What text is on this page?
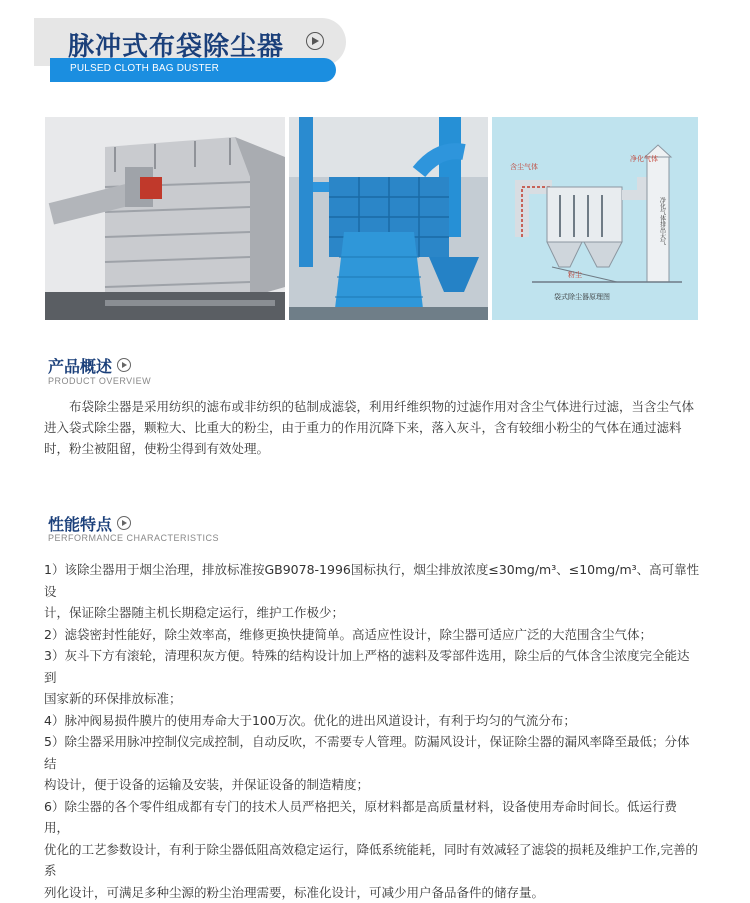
脉冲式布袋除尘器
PULSED CLOTH BAG DUSTER
含尘气体
净化气体
净化气体排出大气
粉尘
袋式除尘器原理图
产品概述
PRODUCT OVERVIEW

布袋除尘器是采用纺织的滤布或非纺织的毡制成滤袋，利用纤维织物的过滤作用对含尘气体进行过滤，当含尘气体

进入袋式除尘器，颗粒大、比重大的粉尘，由于重力的作用沉降下来，落入灰斗，含有较细小粉尘的气体在通过滤料

时，粉尘被阻留，使粉尘得到有效处理。

性能特点
PERFORMANCE CHARACTERISTICS

1）该除尘器用于烟尘治理，排放标准按GB9078-1996国标执行，烟尘排放浓度≤30mg/m³、≤10mg/m³、高可靠性设

计，保证除尘器随主机长期稳定运行，维护工作极少；

2）滤袋密封性能好，除尘效率高，维修更换快捷简单。高适应性设计，除尘器可适应广泛的大范围含尘气体；

3）灰斗下方有滚轮，清理积灰方便。特殊的结构设计加上严格的滤料及零部件选用，除尘后的气体含尘浓度完全能达到

国家新的环保排放标准；

4）脉冲阀易损件膜片的使用寿命大于100万次。优化的进出风道设计，有利于均匀的气流分布；

5）除尘器采用脉冲控制仪完成控制，自动反吹，不需要专人管理。防漏风设计，保证除尘器的漏风率降至最低；分体结

构设计，便于设备的运输及安装，并保证设备的制造精度；

6）除尘器的各个零件组成都有专门的技术人员严格把关，原材料都是高质量材料，设备使用寿命时间长。低运行费用，

优化的工艺参数设计，有利于除尘器低阻高效稳定运行，降低系统能耗，同时有效减轻了滤袋的损耗及维护工作,完善的系

列化设计，可满足多种尘源的粉尘治理需要，标准化设计，可减少用户备品备件的储存量。
